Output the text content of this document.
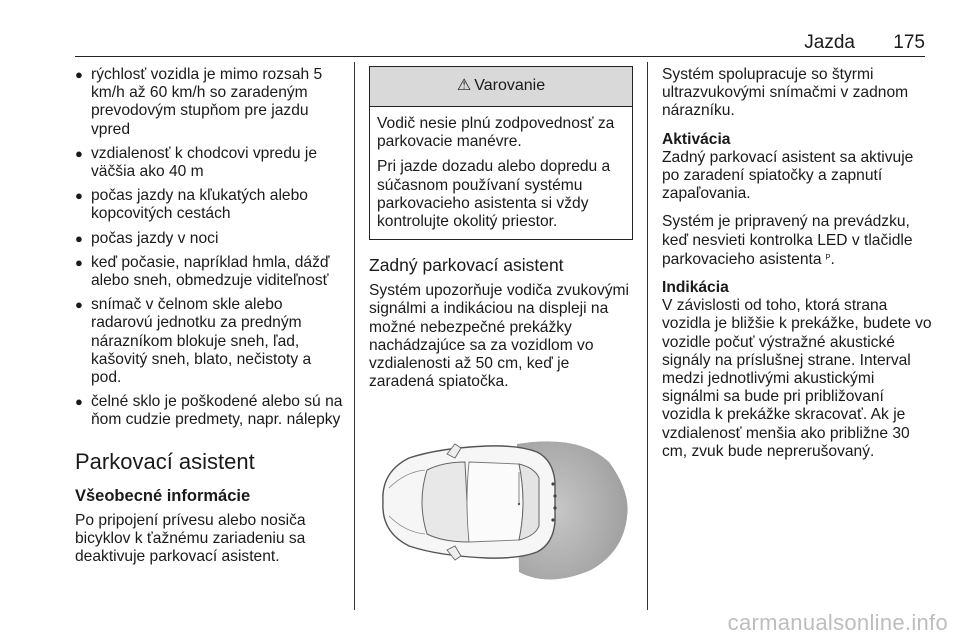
Jazda 175
● rýchlosť vozidla je mimo rozsah 5 km/h až 60 km/h so zaradeným prevodovým stupňom pre jazdu vpred
● vzdialenosť k chodcovi vpredu je väčšia ako 40 m
● počas jazdy na kľukatých alebo kopcovitých cestách
● počas jazdy v noci
● keď počasie, napríklad hmla, dážď alebo sneh, obmedzuje viditeľnosť
● snímač v čelnom skle alebo radarovú jednotku za predným nárazníkom blokuje sneh, ľad, kašovitý sneh, blato, nečistoty a pod.
● čelné sklo je poškodené alebo sú na ňom cudzie predmety, napr. nálepky
Parkovací asistent
Všeobecné informácie

Po pripojení prívesu alebo nosiča bicyklov k ťažnému zariadeniu sa deaktivuje parkovací asistent.

⚠ Varovanie

Vodič nesie plnú zodpovednosť za parkovacie manévre.

Pri jazde dozadu alebo dopredu a súčasnom používaní systému parkovacieho asistenta si vždy kontrolujte okolitý priestor.

Zadný parkovací asistent

Systém upozorňuje vodiča zvukovými signálmi a indikáciou na displeji na možné nebezpečné prekážky nachádzajúce sa za vozidlom vo vzdialenosti až 50 cm, keď je zaradená spiatočka.

Systém spolupracuje so štyrmi ultrazvukovými snímačmi v zadnom nárazníku.

Aktivácia

Zadný parkovací asistent sa aktivuje po zaradení spiatočky a zapnutí zapaľovania.

Systém je pripravený na prevádzku, keď nesvieti kontrolka LED v tlačidle parkovacieho asistenta ᴾ.

Indikácia

V závislosti od toho, ktorá strana vozidla je bližšie k prekážke, budete vo vozidle počuť výstražné akustické signály na príslušnej strane. Interval medzi jednotlivými akustickými signálmi sa bude pri približovaní vozidla k prekážke skracovať. Ak je vzdialenosť menšia ako približne 30 cm, zvuk bude neprerušovaný.

carmanualsonline.info
